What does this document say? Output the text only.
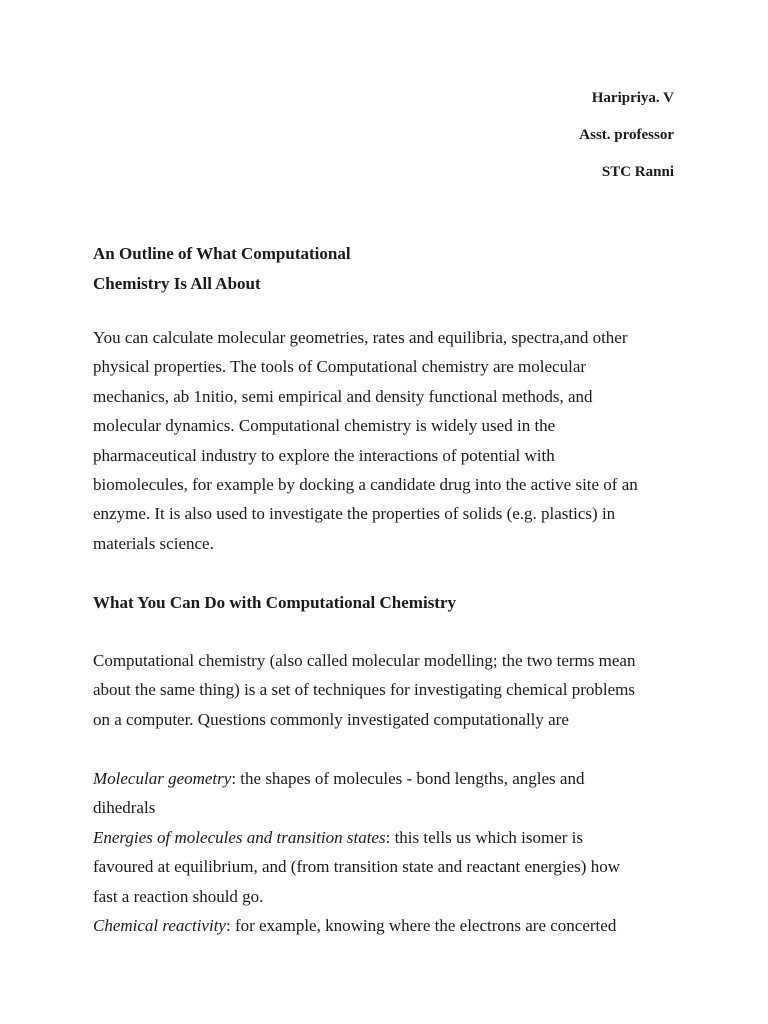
Haripriya. V
Asst. professor
STC Ranni
An Outline of What Computational
Chemistry Is All About

You can calculate molecular geometries, rates and equilibria, spectra,and other
physical properties. The tools of Computational chemistry are molecular
mechanics, ab 1nitio, semi empirical and density functional methods, and
molecular dynamics. Computational chemistry is widely used in the
pharmaceutical industry to explore the interactions of potential with
biomolecules, for example by docking a candidate drug into the active site of an
enzyme. It is also used to investigate the properties of solids (e.g. plastics) in
materials science.

What You Can Do with Computational Chemistry

Computational chemistry (also called molecular modelling; the two terms mean
about the same thing) is a set of techniques for investigating chemical problems
on a computer. Questions commonly investigated computationally are

Molecular geometry: the shapes of molecules - bond lengths, angles and
dihedrals
Energies of molecules and transition states: this tells us which isomer is
favoured at equilibrium, and (from transition state and reactant energies) how
fast a reaction should go.
Chemical reactivity: for example, knowing where the electrons are concerted
